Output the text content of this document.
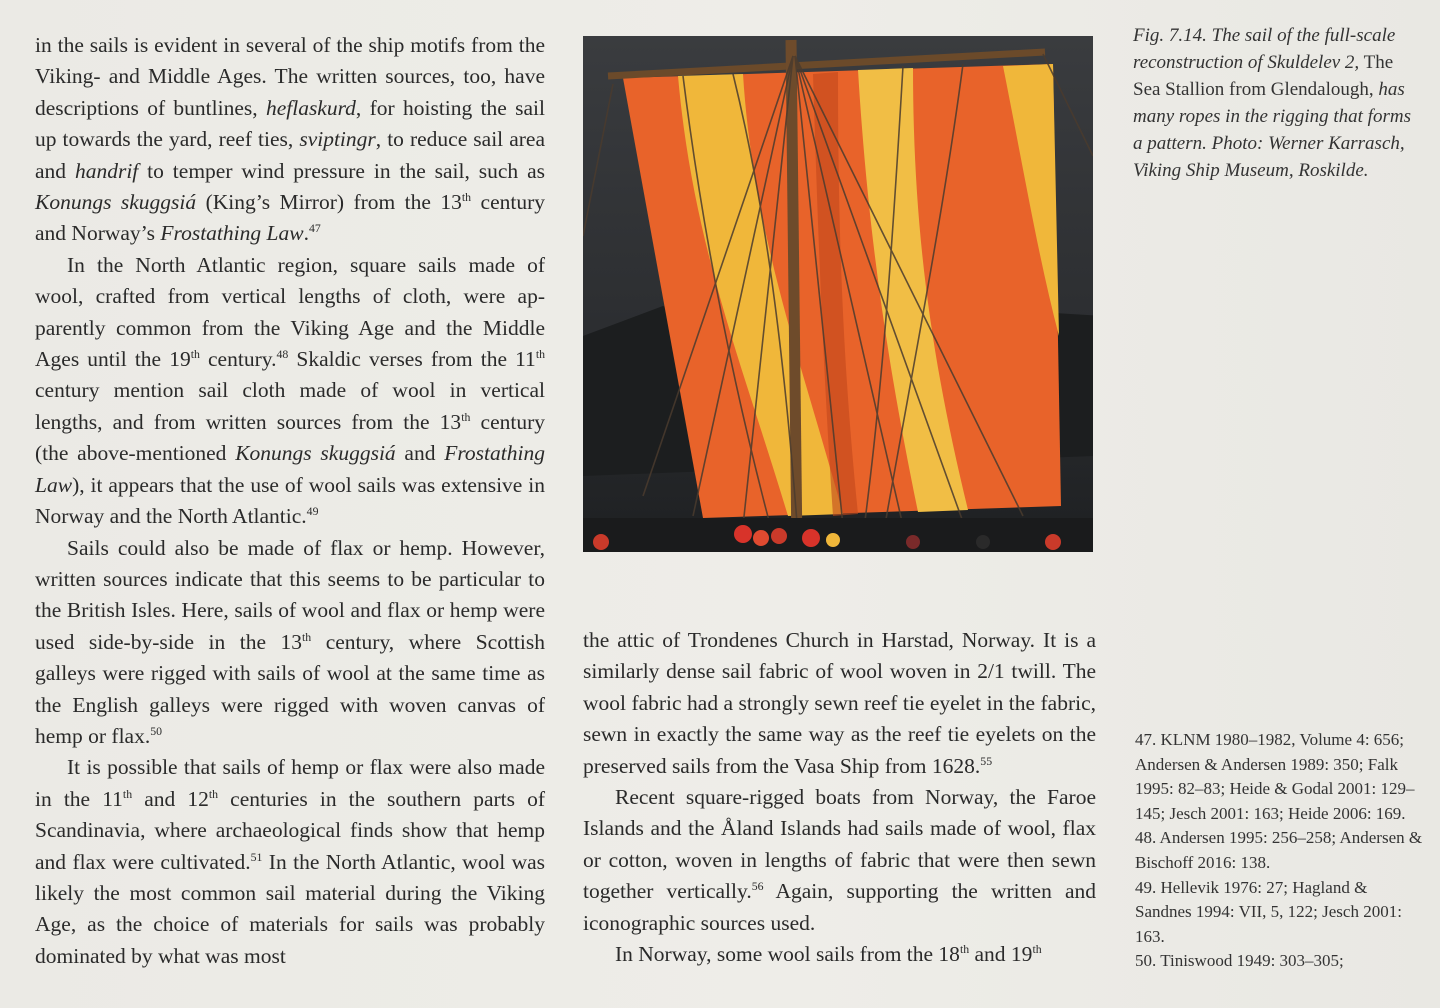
in the sails is evident in several of the ship motifs from the Viking- and Middle Ages. The written sources, too, have descriptions of buntlines, heflaskurd, for hoisting the sail up towards the yard, reef ties, sviptingr, to reduce sail area and handrif to temper wind pressure in the sail, such as Konungs skuggsiá (King’s Mirror) from the 13th century and Norway’s Frostathing Law.$^{47}$

In the North Atlantic region, square sails made of wool, crafted from vertical lengths of cloth, were apparently common from the Viking Age and the Middle Ages until the 19th century.$^{48}$ Skaldic verses from the 11th century mention sail cloth made of wool in vertical lengths, and from written sources from the 13th century (the above-mentioned Konungs skuggsiá and Frostathing Law), it appears that the use of wool sails was extensive in Norway and the North Atlantic.$^{49}$

Sails could also be made of flax or hemp. However, written sources indicate that this seems to be particular to the British Isles. Here, sails of wool and flax or hemp were used side-by-side in the 13th century, where Scottish galleys were rigged with sails of wool at the same time as the English galleys were rigged with woven canvas of hemp or flax.$^{50}$

It is possible that sails of hemp or flax were also made in the 11th and 12th centuries in the southern parts of Scandinavia, where archaeological finds show that hemp and flax were cultivated.$^{51}$ In the North Atlantic, wool was likely the most common sail material during the Viking Age, as the choice of materials for sails was probably dominated by what was most

Fig. 7.14. The sail of the full-scale reconstruction of Skuldelev 2, The Sea Stallion from Glendalough, has many ropes in the rigging that forms a pattern. Photo: Werner Karrasch, Viking Ship Museum, Roskilde.

the attic of Trondenes Church in Harstad, Norway. It is a similarly dense sail fabric of wool woven in 2/1 twill. The wool fabric had a strongly sewn reef tie eyelet in the fabric, sewn in exactly the same way as the reef tie eyelets on the preserved sails from the Vasa Ship from 1628.55

Recent square-rigged boats from Norway, the Faroe Islands and the Åland Islands had sails made of wool, flax or cotton, woven in lengths of fabric that were then sewn together vertically.$^{56}$ Again, supporting the written and iconographic sources used.

In Norway, some wool sails from the 18th and 19th

47. KLNM 1980–1982, Volume 4: 656; Andersen & Andersen 1989: 350; Falk 1995: 82–83; Heide & Godal 2001: 129–145; Jesch 2001: 163; Heide 2006: 169.

48. Andersen 1995: 256–258; Andersen & Bischoff 2016: 138.

49. Hellevik 1976: 27; Hagland & Sandnes 1994: VII, 5, 122; Jesch 2001: 163.

50. Tiniswood 1949: 303–305;
